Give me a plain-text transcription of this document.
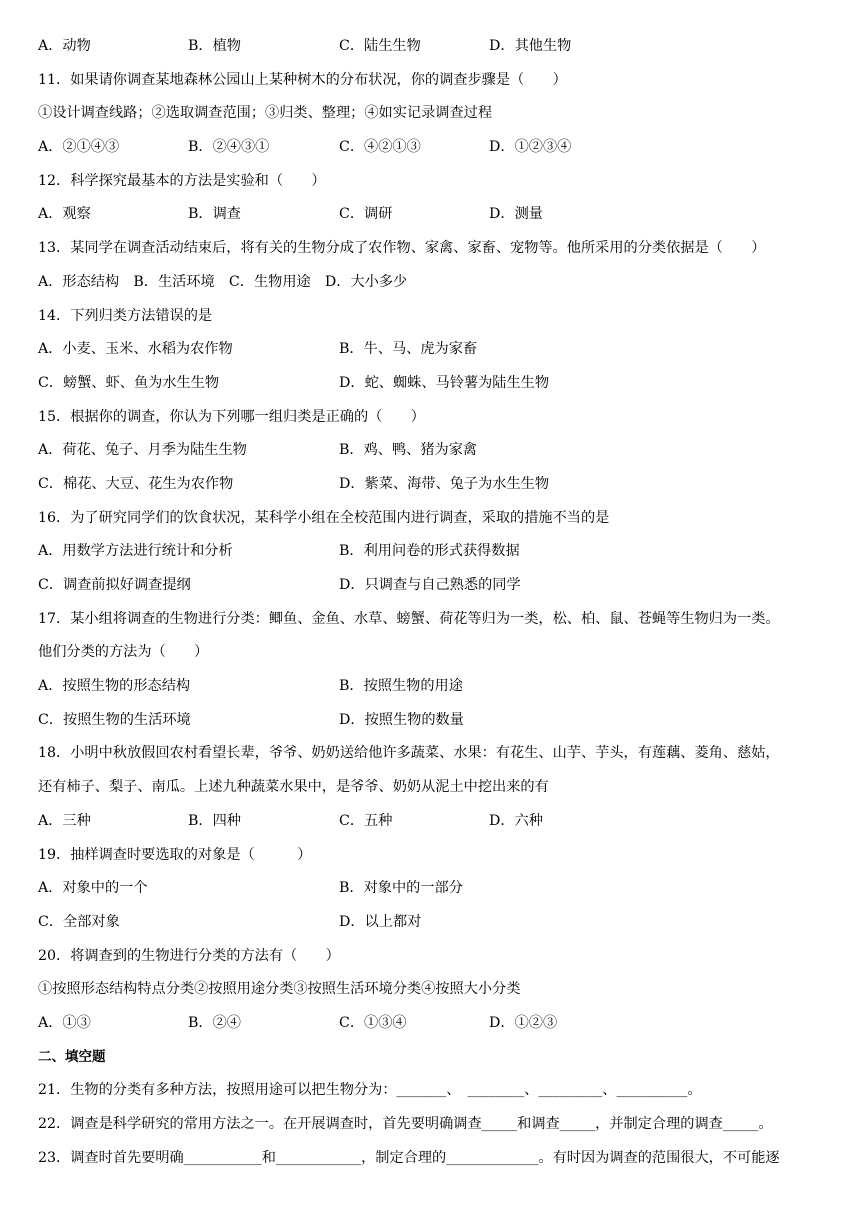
A．动物	B．植物	C．陆生生物	D．其他生物
11．如果请你调查某地森林公园山上某种树木的分布状况，你的调查步骤是（　　）
①设计调查线路；②选取调查范围；③归类、整理；④如实记录调查过程
A．②①④③	B．②④③①	C．④②①③	D．①②③④
12．科学探究最基本的方法是实验和（　　）
A．观察	B．调查	C．调研	D．测量
13．某同学在调查活动结束后，将有关的生物分成了农作物、家禽、家畜、宠物等。他所采用的分类依据是（　　）
A．形态结构　B．生活环境　C．生物用途　D．大小多少
14．下列归类方法错误的是
A．小麦、玉米、水稻为农作物	B．牛、马、虎为家畜
C．螃蟹、虾、鱼为水生生物	D．蛇、蜘蛛、马铃薯为陆生生物
15．根据你的调查，你认为下列哪一组归类是正确的（　　）
A．荷花、兔子、月季为陆生生物	B．鸡、鸭、猪为家禽
C．棉花、大豆、花生为农作物	D．紫菜、海带、兔子为水生生物
16．为了研究同学们的饮食状况，某科学小组在全校范围内进行调查，采取的措施不当的是
A．用数学方法进行统计和分析	B．利用问卷的形式获得数据
C．调查前拟好调查提纲	D．只调查与自己熟悉的同学
17．某小组将调查的生物进行分类：鲫鱼、金鱼、水草、螃蟹、荷花等归为一类，松、柏、鼠、苍蝇等生物归为一类。
他们分类的方法为（　　）
A．按照生物的形态结构	B．按照生物的用途
C．按照生物的生活环境	D．按照生物的数量
18．小明中秋放假回农村看望长辈，爷爷、奶奶送给他许多蔬菜、水果：有花生、山芋、芋头，有莲藕、菱角、慈姑，
还有柿子、梨子、南瓜。上述九种蔬菜水果中，是爷爷、奶奶从泥土中挖出来的有
A．三种	B．四种	C．五种	D．六种
19．抽样调查时要选取的对象是（　　　）
A．对象中的一个	B．对象中的一部分
C．全部对象	D．以上都对
20．将调查到的生物进行分类的方法有（　　）
①按照形态结构特点分类②按照用途分类③按照生活环境分类④按照大小分类
A．①③	B．②④	C．①③④	D．①②③
二、填空题
21．生物的分类有多种方法，按照用途可以把生物分为：_______、　________、_________、__________。
22．调查是科学研究的常用方法之一。在开展调查时，首先要明确调查_____和调查_____，并制定合理的调查_____。
23．调查时首先要明确___________和____________，制定合理的_____________。有时因为调查的范围很大，不可能逐
